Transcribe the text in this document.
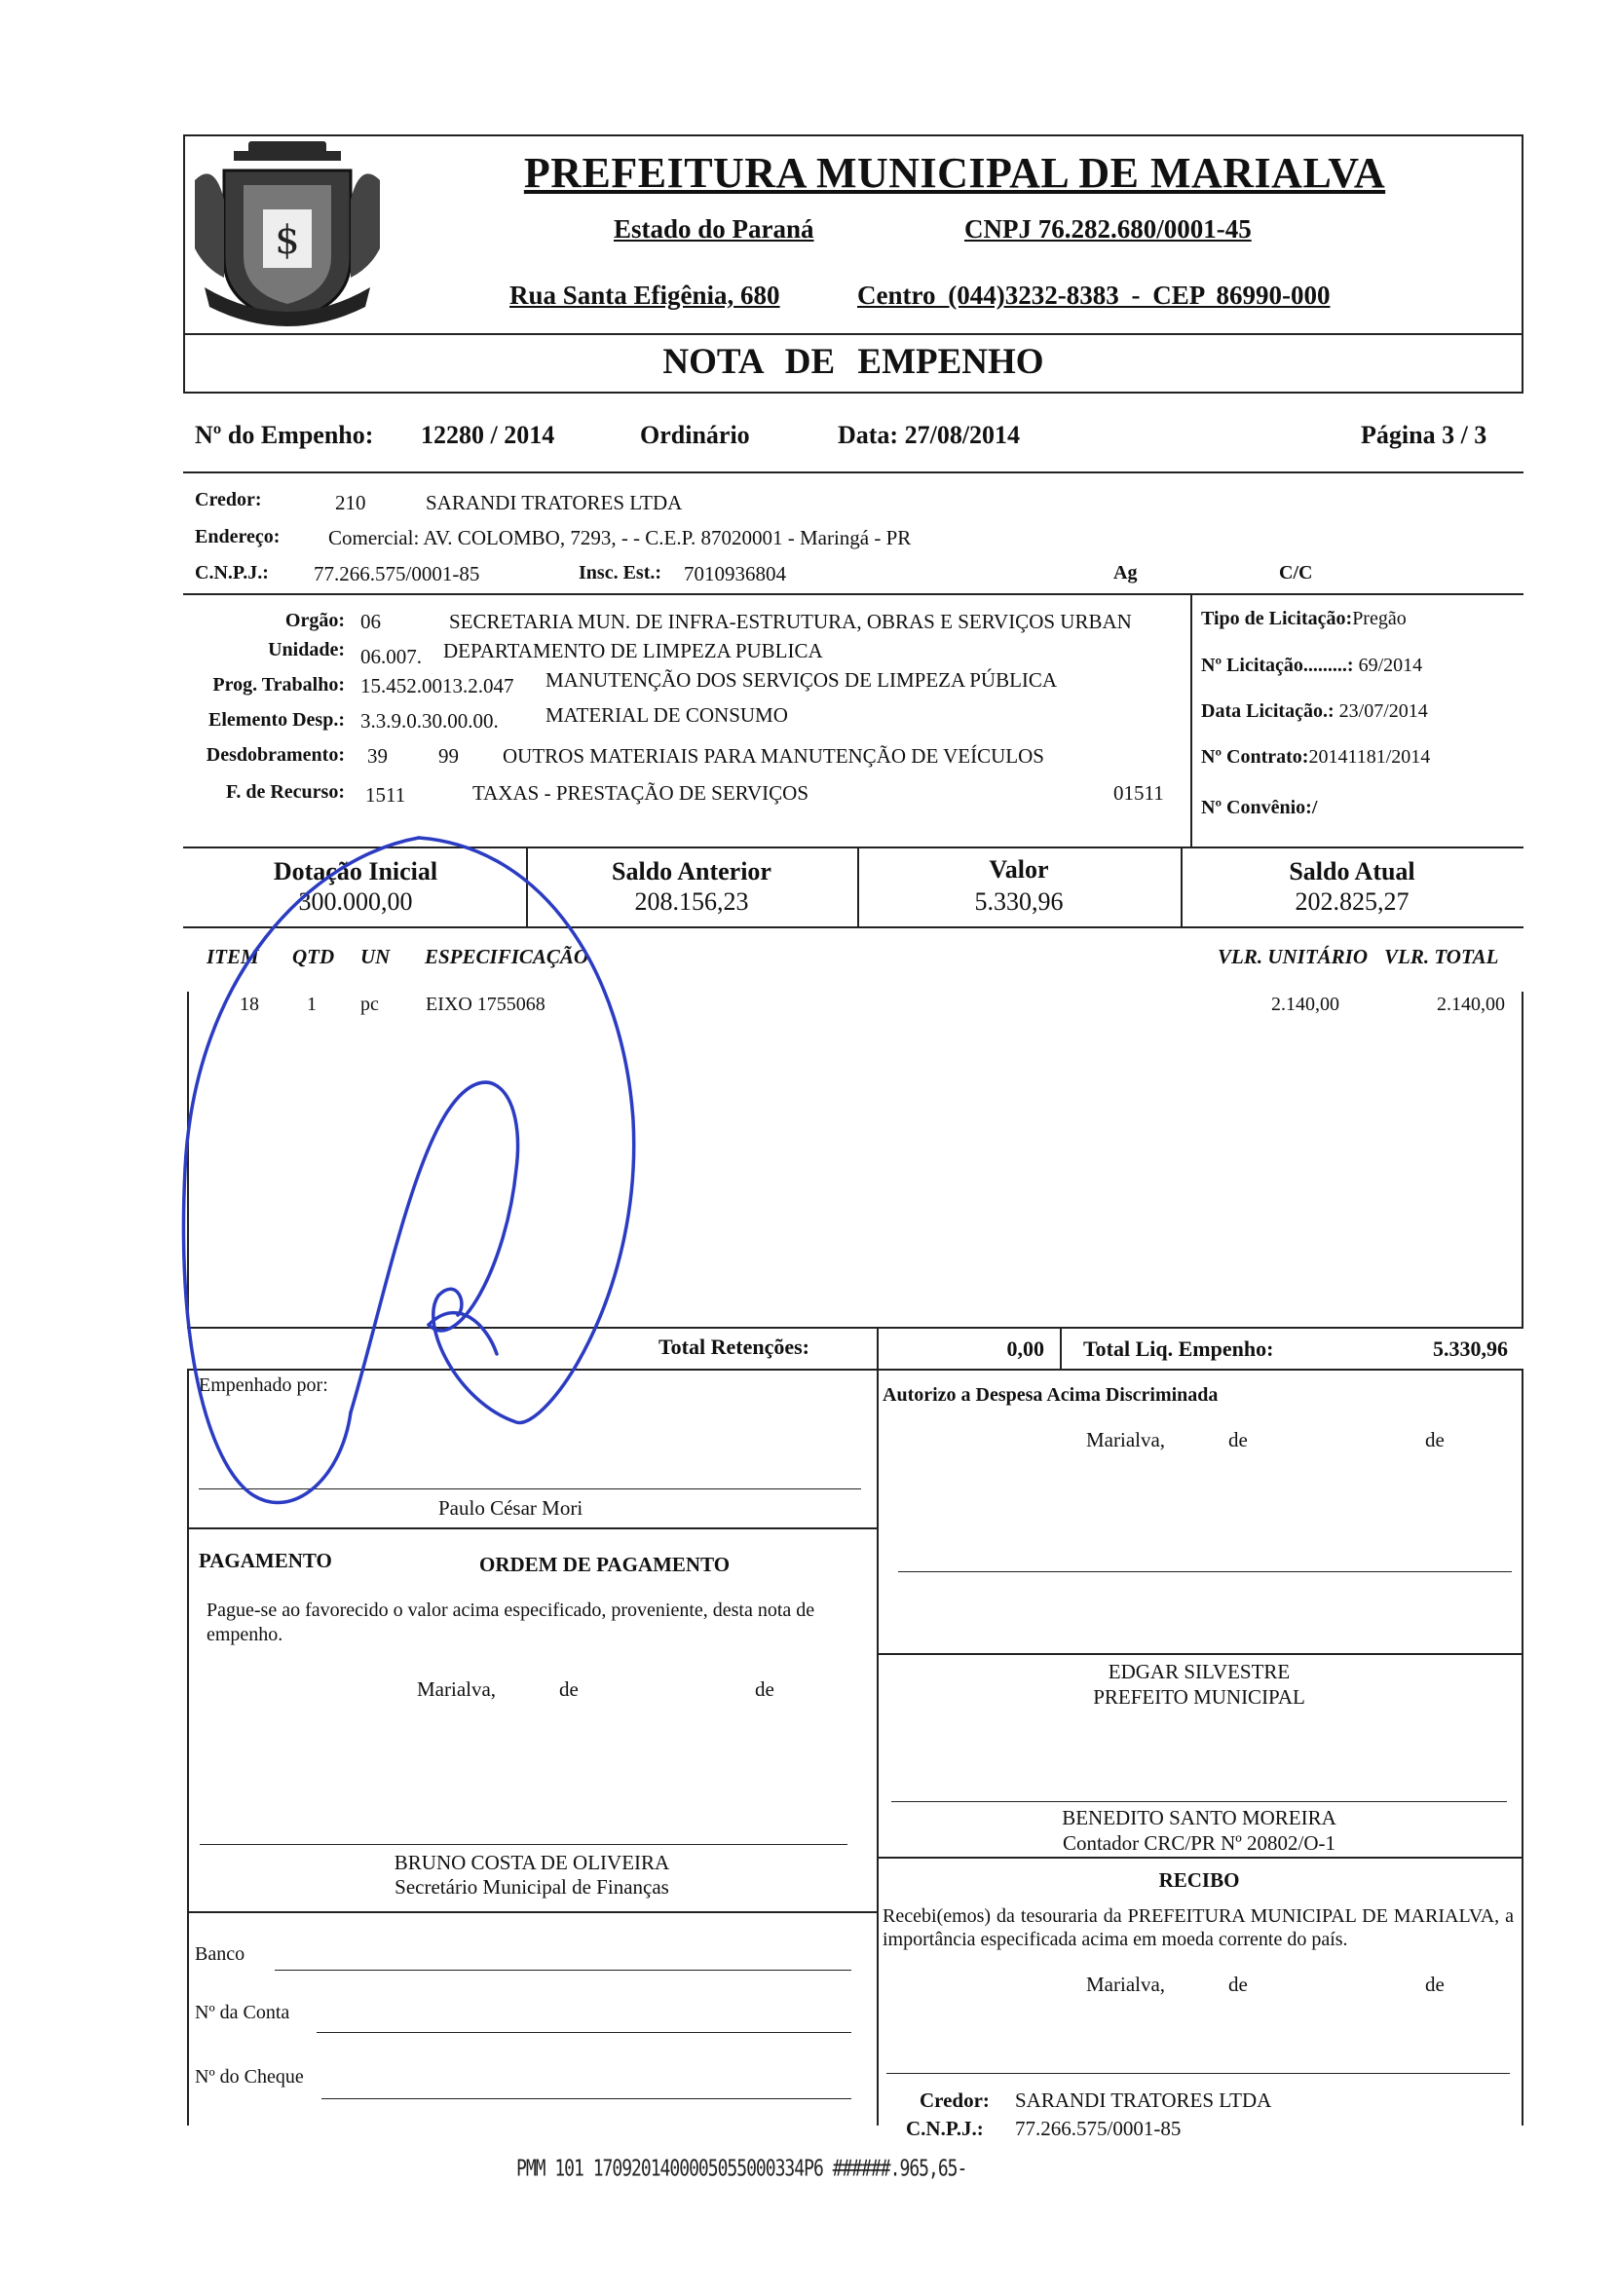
$
PREFEITURA MUNICIPAL DE MARIALVA
Estado do Paraná	CNPJ 76.282.680/0001-45
Rua Santa Efigênia, 680	Centro (044)3232-8383 - CEP 86990-000
NOTA DE EMPENHO
Nº do Empenho: 12280 / 2014	Ordinário	Data: 27/08/2014	Página 3 / 3
Credor:	210	SARANDI TRATORES LTDA
Endereço: Comercial: AV. COLOMBO, 7293, - - C.E.P. 87020001 - Maringá - PR
C.N.P.J.: 77.266.575/0001-85	Insc. Est.: 7010936804	Ag	C/C
Orgão: 06	SECRETARIA MUN. DE INFRA-ESTRUTURA, OBRAS E SERVIÇOS URBAN
Unidade: 06.007. DEPARTAMENTO DE LIMPEZA PUBLICA
Prog. Trabalho: 15.452.0013.2.047 MANUTENÇÃO DOS SERVIÇOS DE LIMPEZA PÚBLICA
Elemento Desp.: 3.3.9.0.30.00.00. MATERIAL DE CONSUMO
Desdobramento: 39 99 OUTROS MATERIAIS PARA MANUTENÇÃO DE VEÍCULOS
F. de Recurso: 1511	TAXAS - PRESTAÇÃO DE SERVIÇOS	01511
Tipo de Licitação:Pregão
Nº Licitação.........: 69/2014
Data Licitação.: 23/07/2014
Nº Contrato:20141181/2014
Nº Convênio:/
Dotação Inicial
300.000,00
Saldo Anterior
208.156,23
Valor
5.330,96
Saldo Atual
202.825,27
ITEM QTD UN ESPECIFICAÇÃO	VLR. UNITÁRIO VLR. TOTAL
18 1 pc EIXO 1755068	2.140,00	2.140,00
Total Retenções:	0,00 Total Liq. Empenho:	5.330,96
Empenhado por:
Paulo César Mori
Autorizo a Despesa Acima Discriminada
Marialva,	de	de
PAGAMENTO	ORDEM DE PAGAMENTO
Pague-se ao favorecido o valor acima especificado, proveniente, desta nota de empenho.
Marialva,	de	de
EDGAR SILVESTRE
PREFEITO MUNICIPAL
BENEDITO SANTO MOREIRA
Contador CRC/PR Nº 20802/O-1
BRUNO COSTA DE OLIVEIRA
Secretário Municipal de Finanças
Banco
Nº da Conta
Nº do Cheque
RECIBO
Recebi(emos) da tesouraria da PREFEITURA MUNICIPAL DE MARIALVA, a importância especificada acima em moeda corrente do país.
Marialva,	de	de
Credor: SARANDI TRATORES LTDA
C.N.P.J.: 77.266.575/0001-85
PMM 101 1709201400005055000334P6 ######.965,65-
